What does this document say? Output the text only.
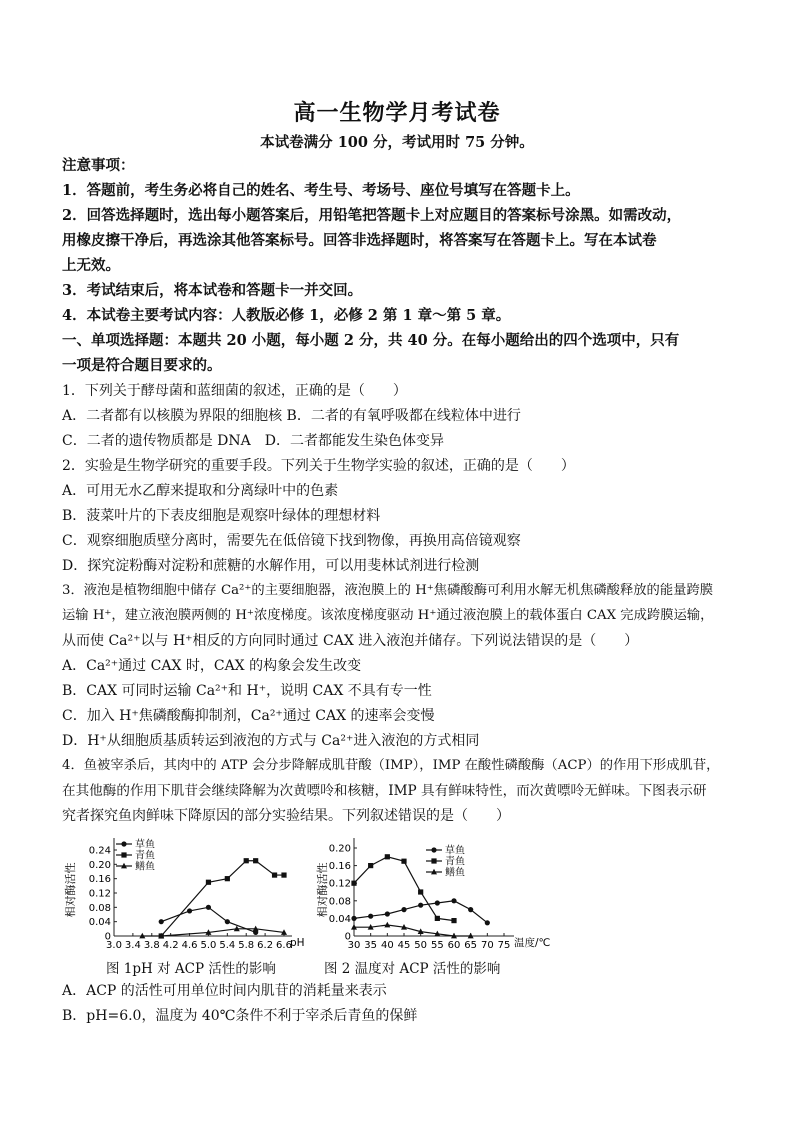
高一生物学月考试卷
本试卷满分 100 分，考试用时 75 分钟。
注意事项：
1．答题前，考生务必将自己的姓名、考生号、考场号、座位号填写在答题卡上。
2．回答选择题时，选出每小题答案后，用铅笔把答题卡上对应题目的答案标号涂黑。如需改动，
用橡皮擦干净后，再选涂其他答案标号。回答非选择题时，将答案写在答题卡上。写在本试卷
上无效。
3．考试结束后，将本试卷和答题卡一并交回。
4．本试卷主要考试内容：人教版必修 1，必修 2 第 1 章～第 5 章。
一、单项选择题：本题共 20 小题，每小题 2 分，共 40 分。在每小题给出的四个选项中，只有
一项是符合题目要求的。
1．下列关于酵母菌和蓝细菌的叙述，正确的是（　　）
A．二者都有以核膜为界限的细胞核 B．二者的有氧呼吸都在线粒体中进行
C．二者的遗传物质都是 DNA　D．二者都能发生染色体变异
2．实验是生物学研究的重要手段。下列关于生物学实验的叙述，正确的是（　　）
A．可用无水乙醇来提取和分离绿叶中的色素
B．菠菜叶片的下表皮细胞是观察叶绿体的理想材料
C．观察细胞质壁分离时，需要先在低倍镜下找到物像，再换用高倍镜观察
D．探究淀粉酶对淀粉和蔗糖的水解作用，可以用斐林试剂进行检测
3．液泡是植物细胞中储存 Ca²⁺的主要细胞器，液泡膜上的 H⁺焦磷酸酶可利用水解无机焦磷酸释放的能量跨膜
运输 H⁺，建立液泡膜两侧的 H⁺浓度梯度。该浓度梯度驱动 H⁺通过液泡膜上的载体蛋白 CAX 完成跨膜运输，
从而使 Ca²⁺以与 H⁺相反的方向同时通过 CAX 进入液泡并储存。下列说法错误的是（　　）
A．Ca²⁺通过 CAX 时，CAX 的构象会发生改变
B．CAX 可同时运输 Ca²⁺和 H⁺，说明 CAX 不具有专一性
C．加入 H⁺焦磷酸酶抑制剂，Ca²⁺通过 CAX 的速率会变慢
D．H⁺从细胞质基质转运到液泡的方式与 Ca²⁺进入液泡的方式相同
4．鱼被宰杀后，其肉中的 ATP 会分步降解成肌苷酸（IMP），IMP 在酸性磷酸酶（ACP）的作用下形成肌苷，
在其他酶的作用下肌苷会继续降解为次黄嘌呤和核糖，IMP 具有鲜味特性，而次黄嘌呤无鲜味。下图表示研
究者探究鱼肉鲜味下降原因的部分实验结果。下列叙述错误的是（　　）
相对酶活性
0.24
0.20
0.16
0.12
0.08
0.04
0
3.0 3.4 3.8 4.2 4.6 5.0 5.4 5.8 6.2 6.6
草鱼
青鱼
鳝鱼
pH
图 1pH 对 ACP 活性的影响
相对酶活性
0.20
0.16
0.12
0.08
0.04
0
30 35 40 45 50 55 60 65 70 75
草鱼
青鱼
鳝鱼
温度/℃
图 2 温度对 ACP 活性的影响
A．ACP 的活性可用单位时间内肌苷的消耗量来表示
B．pH=6.0，温度为 40℃条件不利于宰杀后青鱼的保鲜
